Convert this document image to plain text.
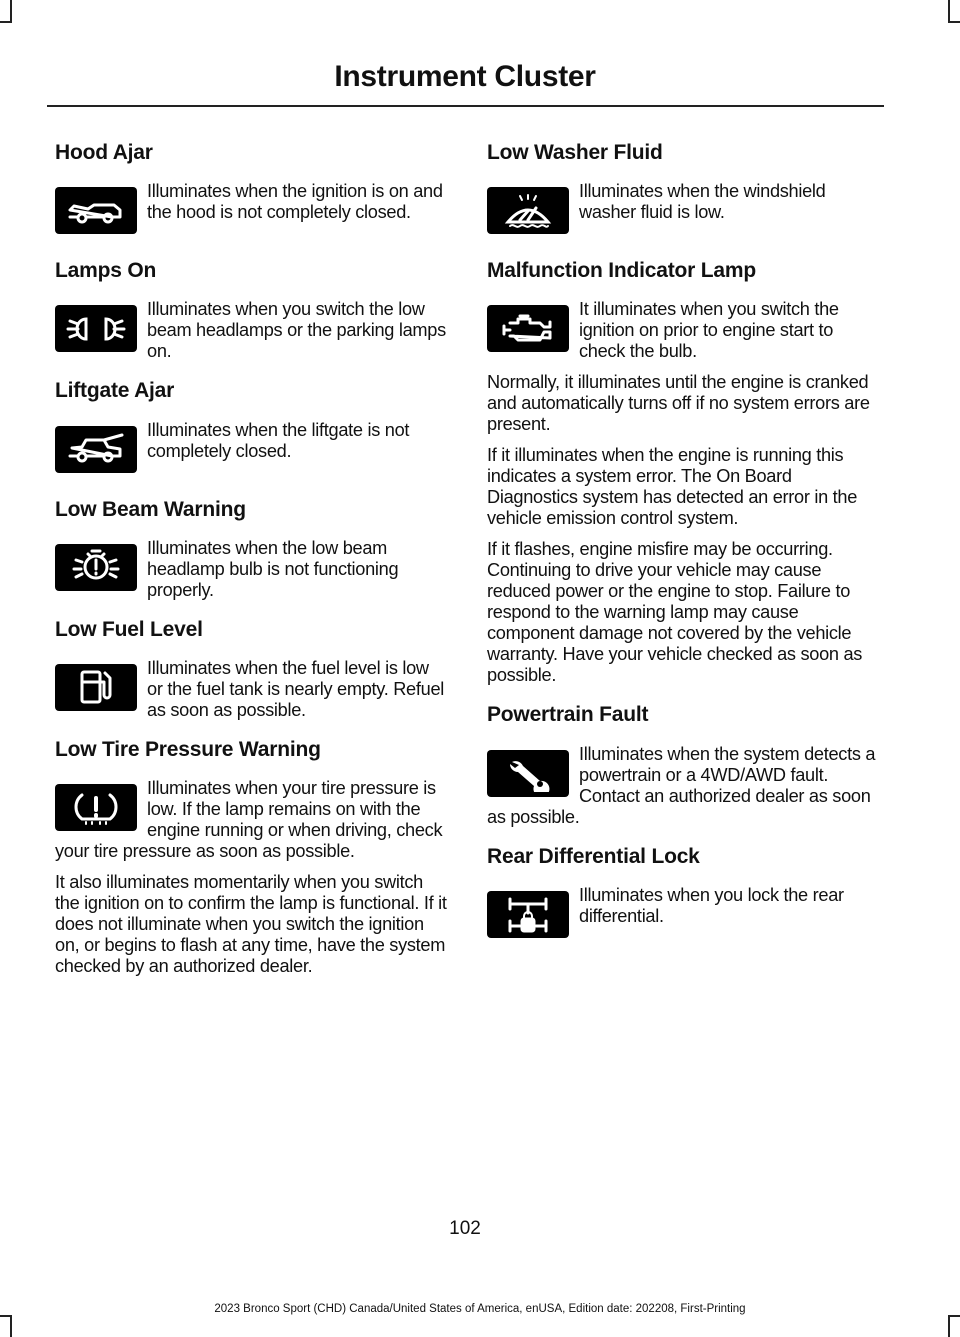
Instrument Cluster
Hood Ajar

Illuminates when the ignition is on and the hood is not completely closed.

Lamps On

Illuminates when you switch the low beam headlamps or the parking lamps on.

Liftgate Ajar

Illuminates when the liftgate is not completely closed.

Low Beam Warning

Illuminates when the low beam headlamp bulb is not functioning properly.

Low Fuel Level

Illuminates when the fuel level is low or the fuel tank is nearly empty. Refuel as soon as possible.

Low Tire Pressure Warning

Illuminates when your tire pressure is low. If the lamp remains on with the engine running or when driving, check your tire pressure as soon as possible.

It also illuminates momentarily when you switch the ignition on to confirm the lamp is functional. If it does not illuminate when you switch the ignition on, or begins to flash at any time, have the system checked by an authorized dealer.

Low Washer Fluid

Illuminates when the windshield washer fluid is low.

Malfunction Indicator Lamp

It illuminates when you switch the ignition on prior to engine start to check the bulb.

Normally, it illuminates until the engine is cranked and automatically turns off if no system errors are present.

If it illuminates when the engine is running this indicates a system error. The On Board Diagnostics system has detected an error in the vehicle emission control system.

If it flashes, engine misfire may be occurring. Continuing to drive your vehicle may cause reduced power or the engine to stop. Failure to respond to the warning lamp may cause component damage not covered by the vehicle warranty. Have your vehicle checked as soon as possible.

Powertrain Fault

Illuminates when the system detects a powertrain or a 4WD/AWD fault. Contact an authorized dealer as soon as possible.

Rear Differential Lock

Illuminates when you lock the rear differential.

102
2023 Bronco Sport (CHD) Canada/United States of America, enUSA, Edition date: 202208, First-Printing
